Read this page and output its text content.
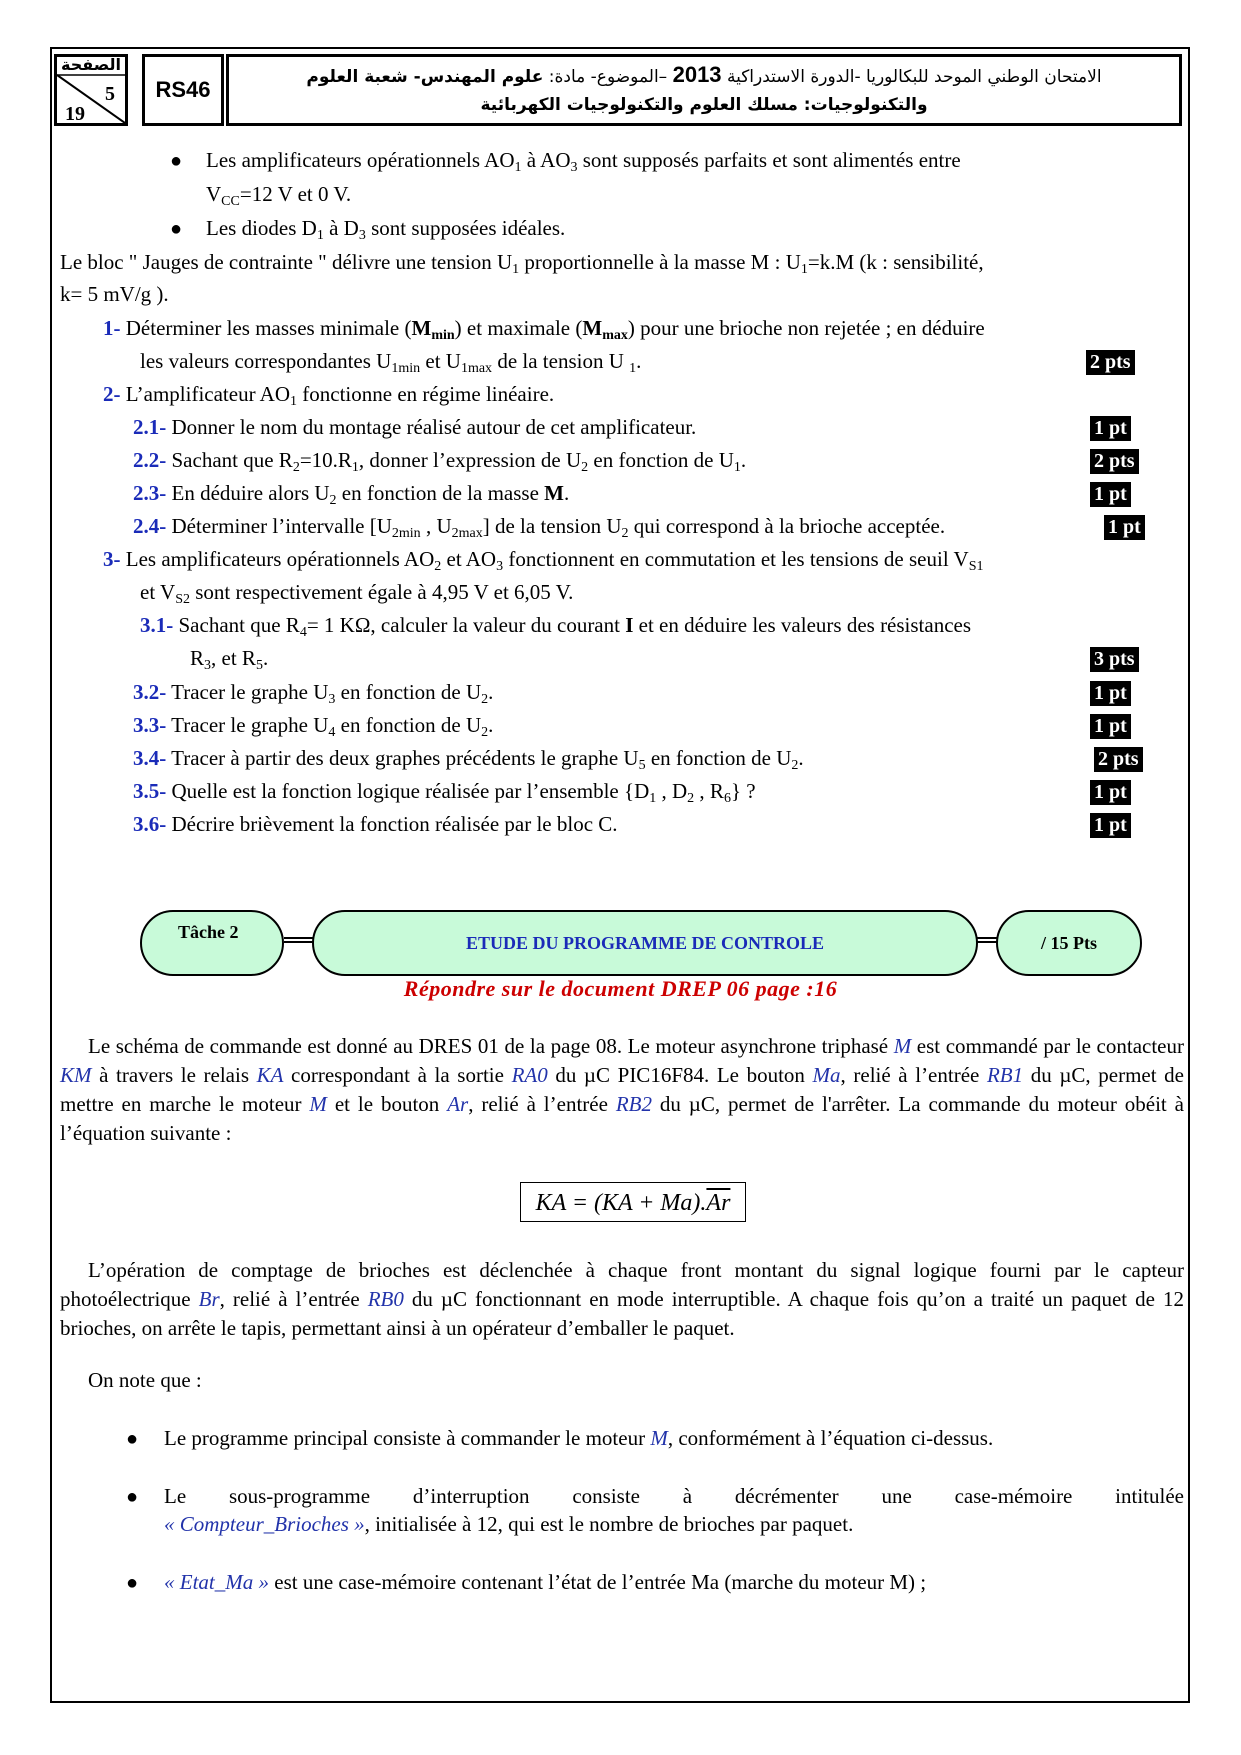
الصفحة
5
19
RS46	الامتحان الوطني الموحد للبكالوريا -الدورة الاستدراكية 2013 –الموضوع- مادة: علوم المهندس- شعبة العلوم
والتكنولوجيات: مسلك العلوم والتكنولوجيات الكهربائية
● Les amplificateurs opérationnels $AO_1$ à $AO_3$ sont supposés parfaits et sont alimentés entre
$V_{CC}=12$ V et 0 V.
● Les diodes $D_1$ à $D_3$ sont supposées idéales.
Le bloc " Jauges de contrainte " délivre une tension $U_1$ proportionnelle à la masse M : $U_1=k.M$ (k : sensibilité,
k= 5 mV/g ).
1- Déterminer les masses minimale $(M_{min})$ et maximale $(M_{max})$ pour une brioche non rejetée ; en déduire
les valeurs correspondantes $U_{1min}$ et $U_{1max}$ de la tension U $_1$.	2 pts
2- L’amplificateur $AO_1$ fonctionne en régime linéaire.
2.1- Donner le nom du montage réalisé autour de cet amplificateur.	1 pt
2.2- Sachant que $R_2=10.R_1$, donner l’expression de $U_2$ en fonction de $U_1$.	2 pts
2.3- En déduire alors $U_2$ en fonction de la masse M.	1 pt
2.4- Déterminer l’intervalle [$U_{2min}$ , $U_{2max}$] de la tension $U_2$ qui correspond à la brioche acceptée.	1 pt
3- Les amplificateurs opérationnels $AO_2$ et $AO_3$ fonctionnent en commutation et les tensions de seuil $V_{S1}$
et $V_{S2}$ sont respectivement égale à 4,95 V et 6,05 V.
3.1- Sachant que $R_4= 1$ KΩ, calculer la valeur du courant I et en déduire les valeurs des résistances
$R_3$, et $R_5$.	3 pts
3.2- Tracer le graphe $U_3$ en fonction de $U_2$.	1 pt
3.3- Tracer le graphe $U_4$ en fonction de $U_2$.	1 pt
3.4- Tracer à partir des deux graphes précédents le graphe $U_5$ en fonction de $U_2$.	2 pts
3.5- Quelle est la fonction logique réalisée par l’ensemble {$D_1$ , $D_2$ , $R_6$} ?	1 pt
3.6- Décrire brièvement la fonction réalisée par le bloc C.	1 pt
Tâche 2
ETUDE DU PROGRAMME DE CONTROLE	/ 15 Pts
Répondre sur le document DREP 06 page :16
Le schéma de commande est donné au DRES 01 de la page 08. Le moteur asynchrone triphasé M est commandé par le contacteur KM à travers le relais KA correspondant à la sortie RA0 du µC PIC16F84. Le bouton Ma, relié à l’entrée RB1 du µC, permet de mettre en marche le moteur M et le bouton Ar, relié à l’entrée RB2 du µC, permet de l'arrêter. La commande du moteur obéit à l’équation suivante :
KA = $(KA + Ma).\overline{Ar}$
L’opération de comptage de brioches est déclenchée à chaque front montant du signal logique fourni par le capteur photoélectrique Br, relié à l’entrée RB0 du µC fonctionnant en mode interruptible. A chaque fois qu’on a traité un paquet de 12 brioches, on arrête le tapis, permettant ainsi à un opérateur d’emballer le paquet.
On note que :
● Le programme principal consiste à commander le moteur M, conformément à l’équation ci-dessus.
● Le sous-programme d’interruption consiste à décrémenter une case-mémoire intitulée
« Compteur_Brioches », initialisée à 12, qui est le nombre de brioches par paquet.
● « Etat_Ma » est une case-mémoire contenant l’état de l’entrée Ma (marche du moteur M) ;
